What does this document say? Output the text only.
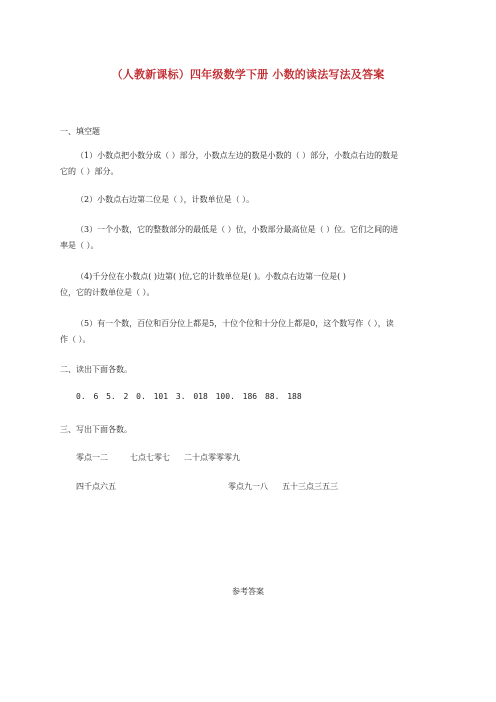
（人教新课标）四年级数学下册 小数的读法写法及答案
一、填空题
（1）小数点把小数分成（ ）部分，小数点左边的数是小数的（ ）部分，小数点右边的数是
它的（ ）部分。
（2）小数点右边第二位是（ ），计数单位是（ ）。
（3）一个小数，它的整数部分的最低是（ ）位，小数部分最高位是（ ）位。它们之间的进
率是（ ）。
（4)千分位在小数点( )边第( )位,它的计数单位是( )。小数点右边第一位是( )
位，它的计数单位是（ ）。
（5）有一个数，百位和百分位上都是5，十位个位和十分位上都是0，这个数写作（ ），读
作（ ）。
二、读出下面各数。
0. 6 5. 2 0. 101 3. 018 100. 186 88. 188
三、写出下面各数。
零点一二	七点七零七 二十点零零零九
四千点六五	零点九一八 五十三点三五三
参考答案
